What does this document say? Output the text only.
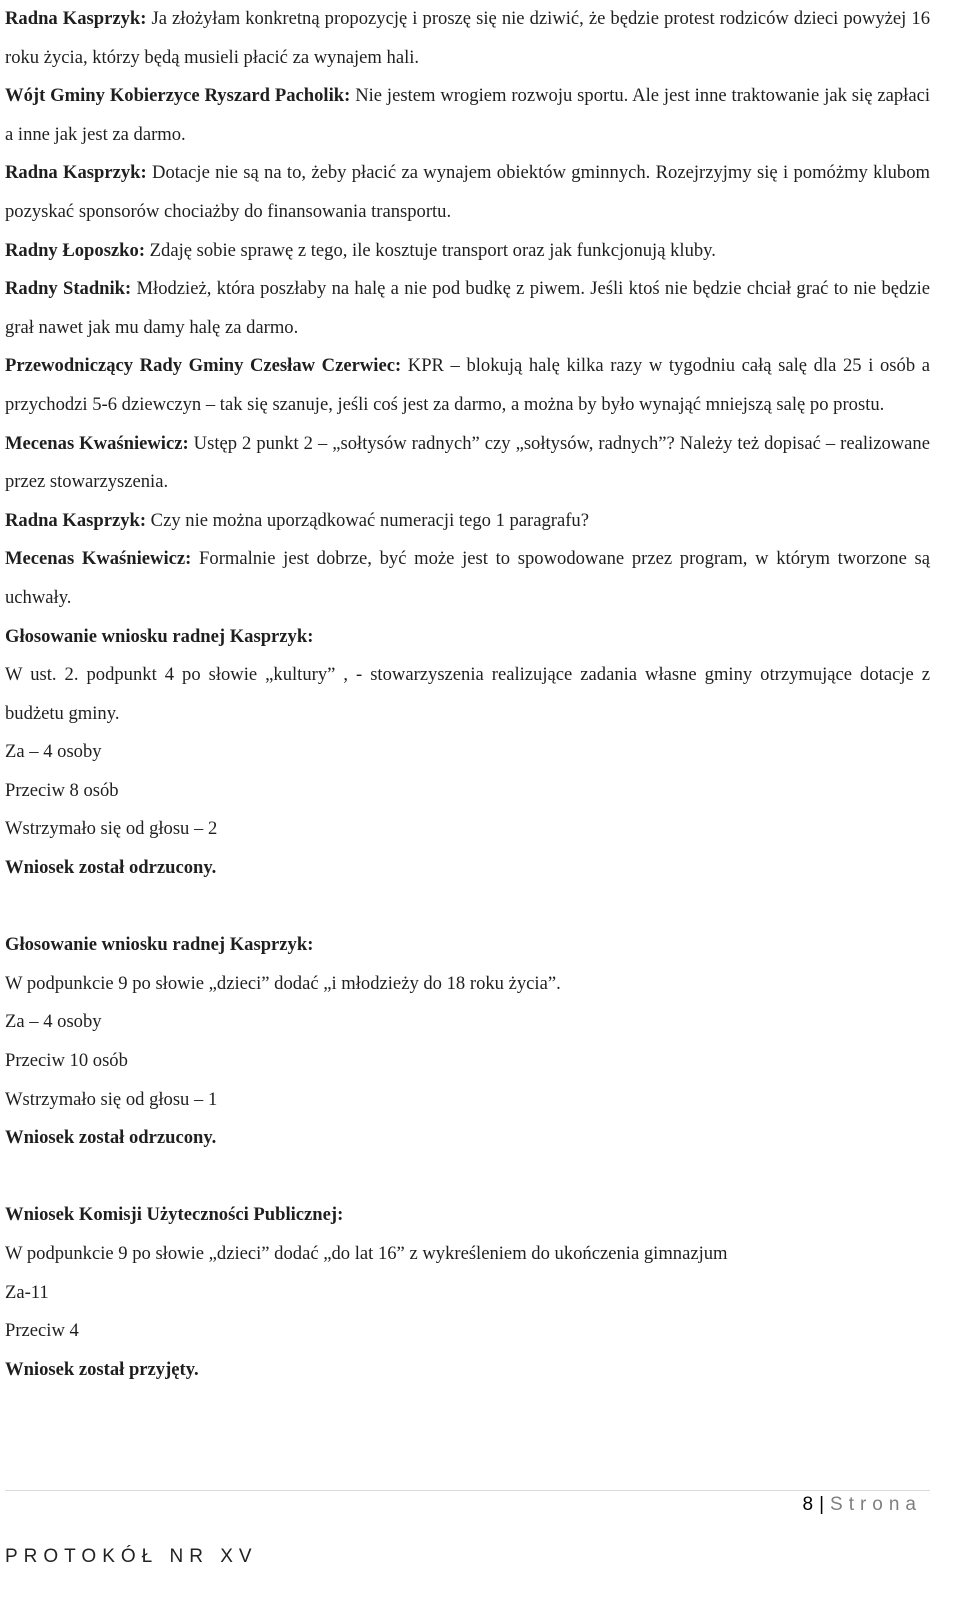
Radna Kasprzyk: Ja złożyłam konkretną propozycję i proszę się nie dziwić, że będzie protest rodziców dzieci powyżej 16 roku życia, którzy będą musieli płacić za wynajem hali.

Wójt Gminy Kobierzyce Ryszard Pacholik: Nie jestem wrogiem rozwoju sportu. Ale jest inne traktowanie jak się zapłaci a inne jak jest za darmo.

Radna Kasprzyk: Dotacje nie są na to, żeby płacić za wynajem obiektów gminnych. Rozejrzyjmy się i pomóżmy klubom pozyskać sponsorów chociażby do finansowania transportu.

Radny Łoposzko: Zdaję sobie sprawę z tego, ile kosztuje transport oraz jak funkcjonują kluby.

Radny Stadnik: Młodzież, która poszłaby na halę a nie pod budkę z piwem. Jeśli ktoś nie będzie chciał grać to nie będzie grał nawet jak mu damy halę za darmo.

Przewodniczący Rady Gminy Czesław Czerwiec: KPR – blokują halę kilka razy w tygodniu całą salę dla 25 i osób a przychodzi 5-6 dziewczyn – tak się szanuje, jeśli coś jest za darmo, a można by było wynająć mniejszą salę po prostu.

Mecenas Kwaśniewicz: Ustęp 2 punkt 2 – „sołtysów radnych” czy „sołtysów, radnych”? Należy też dopisać – realizowane przez stowarzyszenia.

Radna Kasprzyk: Czy nie można uporządkować numeracji tego 1 paragrafu?

Mecenas Kwaśniewicz: Formalnie jest dobrze, być może jest to spowodowane przez program, w którym tworzone są uchwały.

Głosowanie wniosku radnej Kasprzyk:

W ust. 2. podpunkt 4 po słowie „kultury” , - stowarzyszenia realizujące zadania własne gminy otrzymujące dotacje z budżetu gminy.

Za – 4 osoby

Przeciw 8 osób

Wstrzymało się od głosu – 2

Wniosek został odrzucony.

Głosowanie wniosku radnej Kasprzyk:

W podpunkcie 9 po słowie „dzieci” dodać „i młodzieży do 18 roku życia”.

Za – 4 osoby

Przeciw 10 osób

Wstrzymało się od głosu – 1

Wniosek został odrzucony.

Wniosek Komisji Użyteczności Publicznej:

W podpunkcie 9 po słowie „dzieci” dodać „do lat 16” z wykreśleniem do ukończenia gimnazjum

Za-11

Przeciw 4

Wniosek został przyjęty.

8 | Strona
PROTOKÓŁ NR XV
